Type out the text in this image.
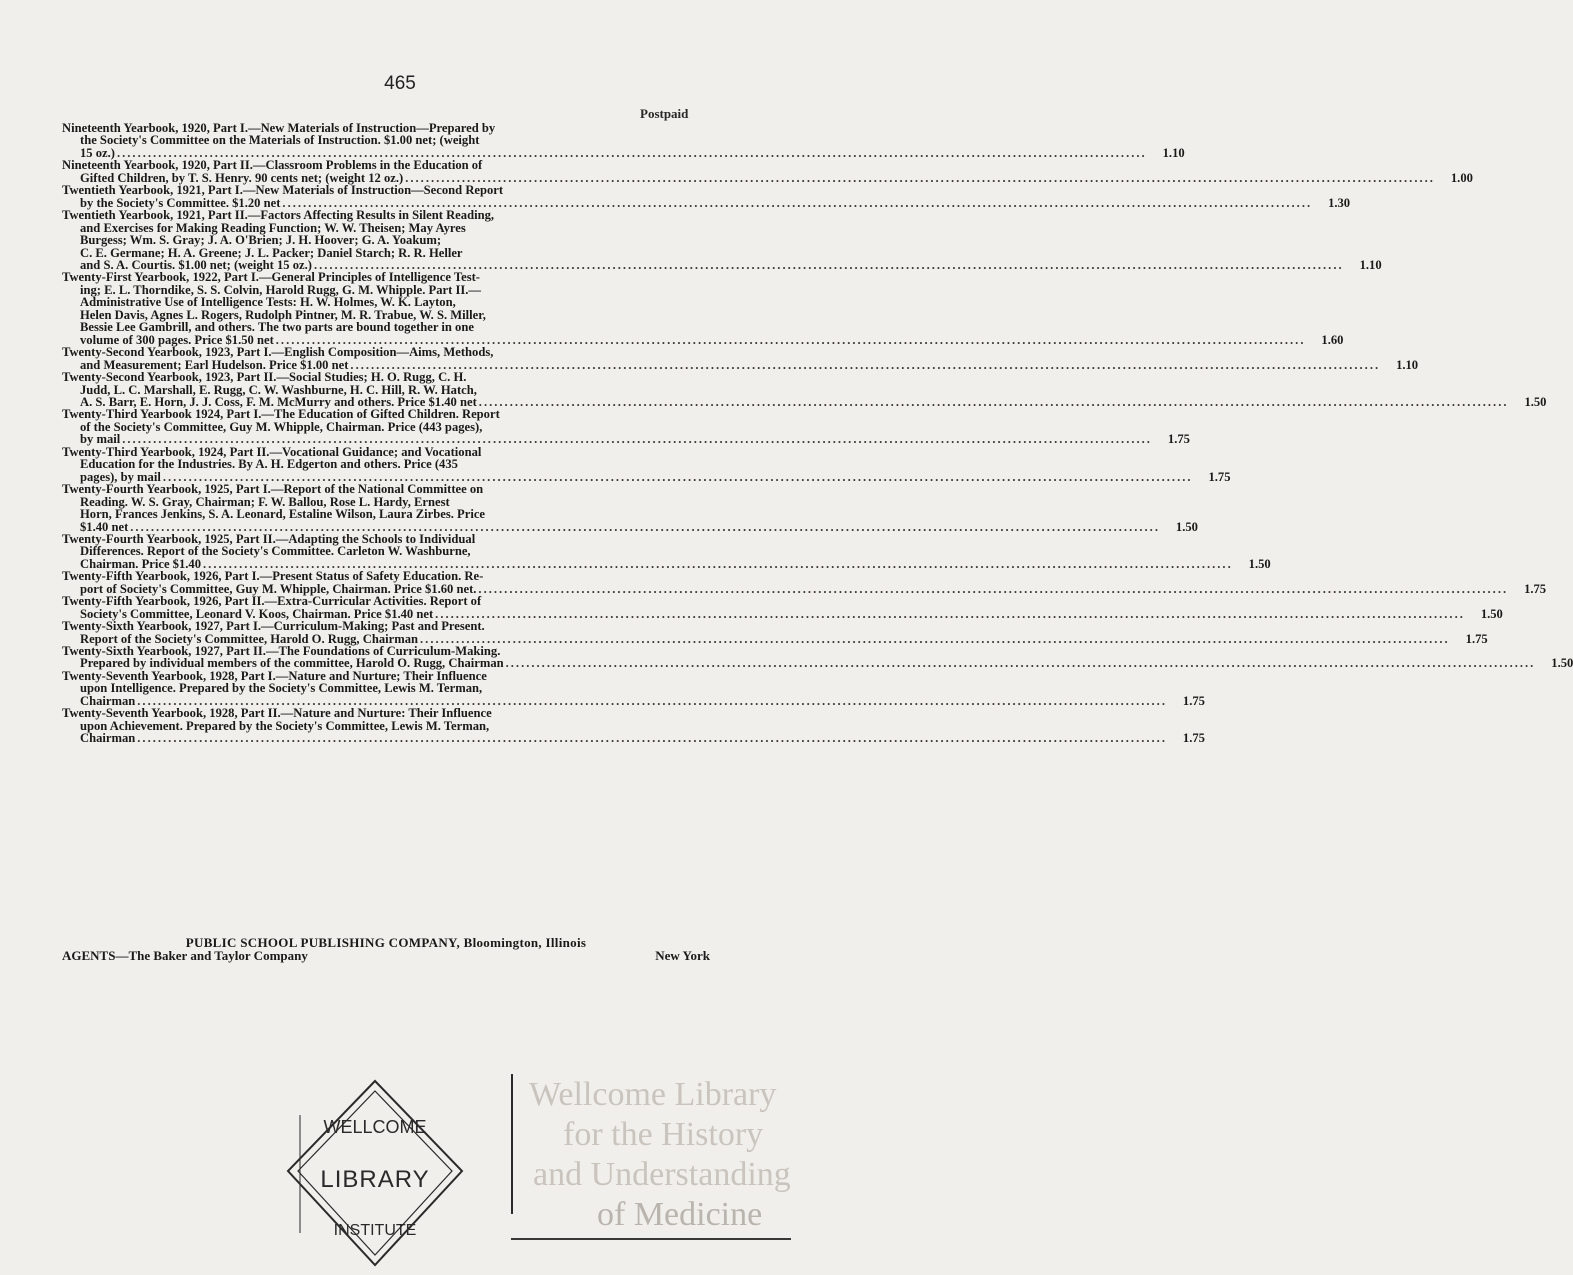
465
Postpaid
Nineteenth Yearbook, 1920, Part I.—New Materials of Instruction—Prepared by
the Society's Committee on the Materials of Instruction. $1.00 net; (weight
15 oz.) ........................................................................................................................................................................................................	1.10
Nineteenth Yearbook, 1920, Part II.—Classroom Problems in the Education of
Gifted Children, by T. S. Henry. 90 cents net; (weight 12 oz.) ........................................................................................................................................................................................................	1.00
Twentieth Yearbook, 1921, Part I.—New Materials of Instruction—Second Report
by the Society's Committee. $1.20 net ........................................................................................................................................................................................................	1.30
Twentieth Yearbook, 1921, Part II.—Factors Affecting Results in Silent Reading,
and Exercises for Making Reading Function; W. W. Theisen; May Ayres
Burgess; Wm. S. Gray; J. A. O'Brien; J. H. Hoover; G. A. Yoakum;
C. E. Germane; H. A. Greene; J. L. Packer; Daniel Starch; R. R. Heller
and S. A. Courtis. $1.00 net; (weight 15 oz.) ........................................................................................................................................................................................................	1.10
Twenty-First Yearbook, 1922, Part I.—General Principles of Intelligence Test-
ing; E. L. Thorndike, S. S. Colvin, Harold Rugg, G. M. Whipple. Part II.—
Administrative Use of Intelligence Tests: H. W. Holmes, W. K. Layton,
Helen Davis, Agnes L. Rogers, Rudolph Pintner, M. R. Trabue, W. S. Miller,
Bessie Lee Gambrill, and others. The two parts are bound together in one
volume of 300 pages. Price $1.50 net ........................................................................................................................................................................................................	1.60
Twenty-Second Yearbook, 1923, Part I.—English Composition—Aims, Methods,
and Measurement; Earl Hudelson. Price $1.00 net ........................................................................................................................................................................................................	1.10
Twenty-Second Yearbook, 1923, Part II.—Social Studies; H. O. Rugg, C. H.
Judd, L. C. Marshall, E. Rugg, C. W. Washburne, H. C. Hill, R. W. Hatch,
A. S. Barr, E. Horn, J. J. Coss, F. M. McMurry and others. Price $1.40 net ........................................................................................................................................................................................................	1.50
Twenty-Third Yearbook 1924, Part I.—The Education of Gifted Children. Report
of the Society's Committee, Guy M. Whipple, Chairman. Price (443 pages),
by mail ........................................................................................................................................................................................................	1.75
Twenty-Third Yearbook, 1924, Part II.—Vocational Guidance; and Vocational
Education for the Industries. By A. H. Edgerton and others. Price (435
pages), by mail ........................................................................................................................................................................................................	1.75
Twenty-Fourth Yearbook, 1925, Part I.—Report of the National Committee on
Reading. W. S. Gray, Chairman; F. W. Ballou, Rose L. Hardy, Ernest
Horn, Frances Jenkins, S. A. Leonard, Estaline Wilson, Laura Zirbes. Price
$1.40 net ........................................................................................................................................................................................................	1.50
Twenty-Fourth Yearbook, 1925, Part II.—Adapting the Schools to Individual
Differences. Report of the Society's Committee. Carleton W. Washburne,
Chairman. Price $1.40 ........................................................................................................................................................................................................	1.50
Twenty-Fifth Yearbook, 1926, Part I.—Present Status of Safety Education. Re-
port of Society's Committee, Guy M. Whipple, Chairman. Price $1.60 net. ........................................................................................................................................................................................................	1.75
Twenty-Fifth Yearbook, 1926, Part II.—Extra-Curricular Activities. Report of
Society's Committee, Leonard V. Koos, Chairman. Price $1.40 net ........................................................................................................................................................................................................	1.50
Twenty-Sixth Yearbook, 1927, Part I.—Curriculum-Making; Past and Present.
Report of the Society's Committee, Harold O. Rugg, Chairman ........................................................................................................................................................................................................	1.75
Twenty-Sixth Yearbook, 1927, Part II.—The Foundations of Curriculum-Making.
Prepared by individual members of the committee, Harold O. Rugg, Chairman ........................................................................................................................................................................................................	1.50
Twenty-Seventh Yearbook, 1928, Part I.—Nature and Nurture; Their Influence
upon Intelligence. Prepared by the Society's Committee, Lewis M. Terman,
Chairman ........................................................................................................................................................................................................	1.75
Twenty-Seventh Yearbook, 1928, Part II.—Nature and Nurture: Their Influence
upon Achievement. Prepared by the Society's Committee, Lewis M. Terman,
Chairman ........................................................................................................................................................................................................	1.75
PUBLIC SCHOOL PUBLISHING COMPANY, Bloomington, Illinois
AGENTS—The Baker and Taylor Company	New York
WELLCOME
LIBRARY
INSTITUTE
Wellcome Library
for the History
and Understanding
of Medicine
